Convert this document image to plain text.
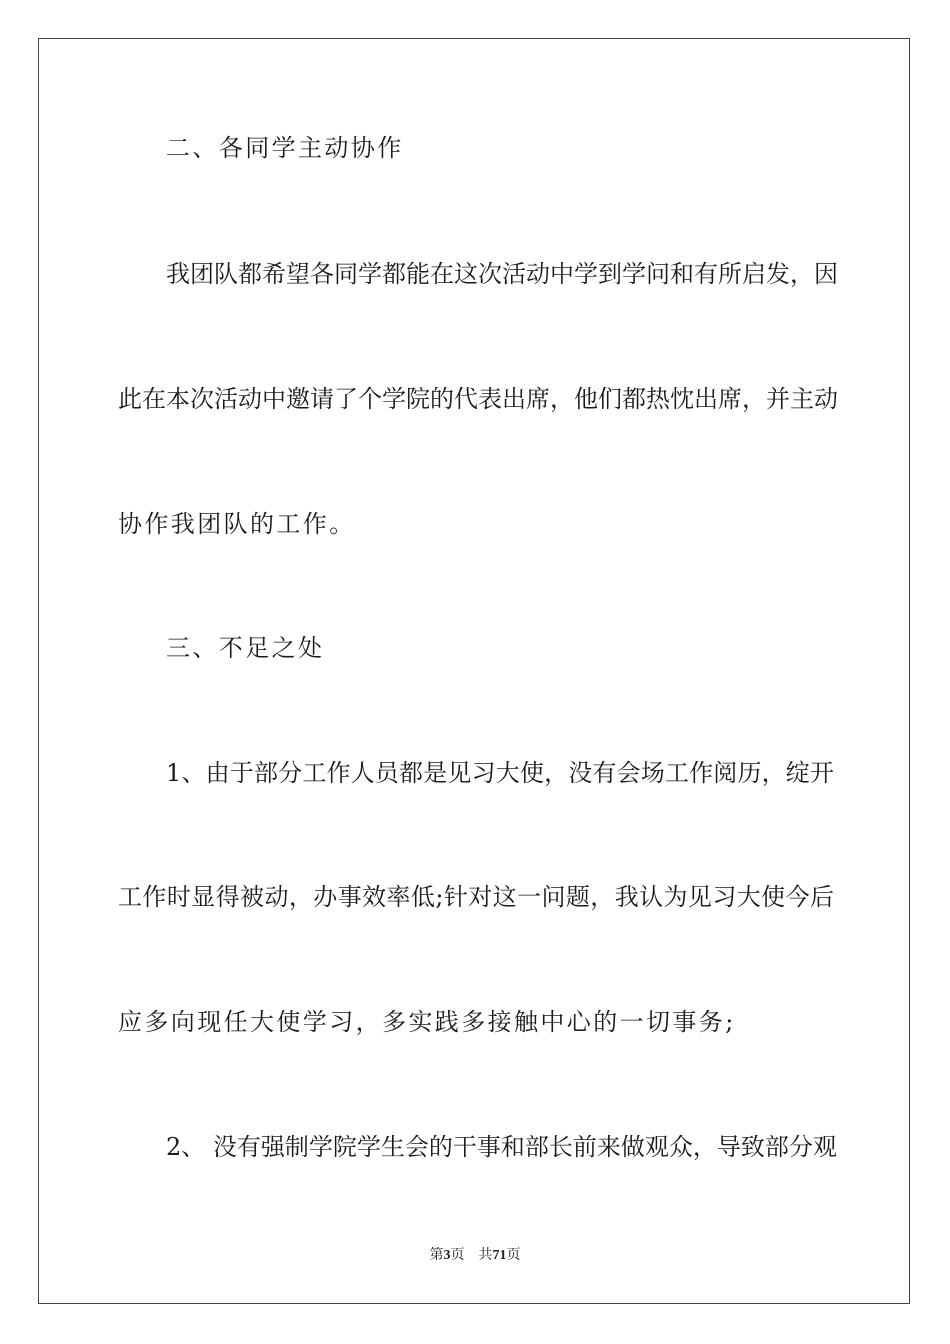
二、各同学主动协作
我团队都希望各同学都能在这次活动中学到学问和有所启发，因
此在本次活动中邀请了个学院的代表出席，他们都热忱出席，并主动
协作我团队的工作。
三、不足之处
1、由于部分工作人员都是见习大使，没有会场工作阅历，绽开
工作时显得被动，办事效率低;针对这一问题，我认为见习大使今后
应多向现任大使学习，多实践多接触中心的一切事务;
2、 没有强制学院学生会的干事和部长前来做观众，导致部分观
第3页 共71页
